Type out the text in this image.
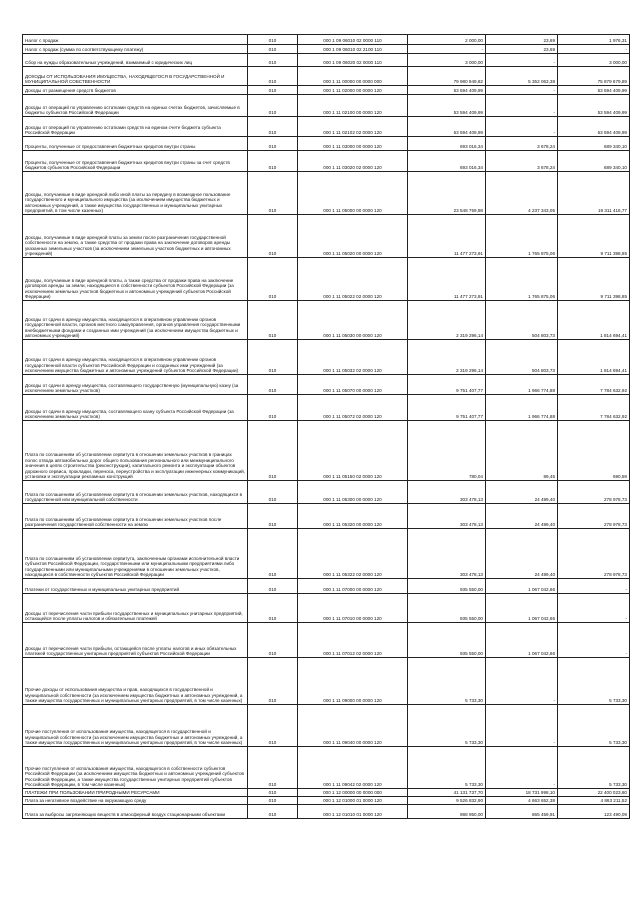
Налог с продаж	010	000 1 09 06010 02 0000 110	2 000,00	23,69	1 976,31
Налог с продаж (сумма по соответствующему платежу)	010	000 1 09 06010 02 2100 110	-	23,69	-
Сбор на нужды образовательных учреждений, взимаемый с юридических лиц	010	000 1 09 06020 02 0000 110	3 000,00	-	3 000,00
ДОХОДЫ ОТ ИСПОЛЬЗОВАНИЯ ИМУЩЕСТВА, НАХОДЯЩЕГОСЯ В ГОСУДАРСТВЕННОЙ И МУНИЦИПАЛЬНОЙ СОБСТВЕННОСТИ	010	000 1 11 00000 00 0000 000	79 980 949,82	5 352 063,38	75 879 679,89
Доходы от размещения средств бюджетов	010	000 1 11 02000 00 0000 120	53 594 409,99	-	53 594 409,99
Доходы от операций по управлению остатками средств на единых счетах бюджетов, зачисляемые в бюджеты субъектов Российской Федерации	010	000 1 11 02100 00 0000 120	53 594 409,99	-	53 594 409,99
Доходы от операций по управлению остатками средств на едином счете бюджета субъекта Российской Федерации	010	000 1 11 02102 02 0000 120	53 594 409,99	-	53 594 409,99
Проценты, полученные от предоставления бюджетных кредитов внутри страны	010	000 1 11 03000 00 0000 120	693 016,34	3 678,24	689 340,10
Проценты, полученные от предоставления бюджетных кредитов внутри страны за счет средств бюджетов субъектов Российской Федерации	010	000 1 11 03020 02 0000 120	693 016,34	3 678,24	689 340,10
Доходы, получаемые в виде арендной либо иной платы за передачу в возмездное пользование государственного и муниципального имущества (за исключением имущества бюджетных и автономных учреждений, а также имущества государственных и муниципальных унитарных предприятий, в том числе казенных)	010	000 1 11 05000 00 0000 120	23 548 759,98	4 237 343,05	19 311 416,77
Доходы, получаемые в виде арендной платы за земли после разграничения государственной собственности на землю, а также средства от продажи права на заключение договоров аренды указанных земельных участков (за исключением земельных участков бюджетных и автономных учреждений)	010	000 1 11 05020 00 0000 120	11 477 273,91	1 765 875,06	9 711 398,85
Доходы, получаемые в виде арендной платы, а также средства от продажи права на заключение договоров аренды за земли, находящиеся в собственности субъектов Российской Федерации (за исключением земельных участков бюджетных и автономных учреждений субъектов Российской Федерации)	010	000 1 11 05022 02 0000 120	11 477 273,91	1 765 875,06	9 711 398,85
Доходы от сдачи в аренду имущества, находящегося в оперативном управлении органов государственной власти, органов местного самоуправления, органов управления государственными внебюджетными фондами и созданных ими учреждений (за исключением имущества бюджетных и автономных учреждений)	010	000 1 11 05030 00 0000 120	2 319 296,14	504 803,73	1 814 694,41
Доходы от сдачи в аренду имущества, находящегося в оперативном управлении органов государственной власти субъектов Российской Федерации и созданных ими учреждений (за исключением имущества бюджетных и автономных учреждений субъектов Российской Федерации)	010	000 1 11 05032 02 0000 120	2 319 296,14	504 803,73	1 814 694,41
Доходы от сдачи в аренду имущества, составляющего государственную (муниципальную) казну (за исключением земельных участков)	010	000 1 11 05070 00 0000 120	9 751 407,77	1 966 774,88	7 784 632,92
Доходы от сдачи в аренду имущества, составляющего казну субъекта Российской Федерации (за исключением земельных участков)	010	000 1 11 05072 02 0000 120	9 751 407,77	1 966 774,88	7 784 632,92
Плата по соглашениям об установлении сервитута в отношении земельных участков в границах полос отвода автомобильных дорог общего пользования регионального или межмуниципального значения в целях строительства (реконструкции), капитального ремонта и эксплуатации объектов дорожного сервиса, прокладки, переноса, переустройства и эксплуатации инженерных коммуникаций, установки и эксплуатации рекламных конструкций	010	000 1 11 05150 02 0000 120	780,04	89,45	690,59
Плата по соглашениям об установлении сервитута в отношении земельных участков, находящихся в государственной или муниципальной собственности	010	000 1 11 05300 00 0000 120	303 478,13	24 499,40	278 978,73
Плата по соглашениям об установлении сервитута в отношении земельных участков после разграничения государственной собственности на землю	010	000 1 11 05320 00 0000 120	303 478,13	24 499,40	278 978,73
Плата по соглашениям об установлении сервитута, заключенным органами исполнительной власти субъектов Российской Федерации, государственными или муниципальными предприятиями либо государственными или муниципальными учреждениями в отношении земельных участков, находящихся в собственности субъектов Российской Федерации	010	000 1 11 05322 02 0000 120	303 478,13	24 499,40	278 978,73
Платежи от государственных и муниципальных унитарных предприятий	010	000 1 11 07000 00 0000 120	935 550,00	1 067 042,66	-
Доходы от перечисления части прибыли государственных и муниципальных унитарных предприятий, остающейся после уплаты налогов и обязательных платежей	010	000 1 11 07010 00 0000 120	935 550,00	1 067 042,66	-
Доходы от перечисления части прибыли, остающейся после уплаты налогов и иных обязательных платежей государственных унитарных предприятий субъектов Российской Федерации	010	000 1 11 07012 02 0000 120	935 550,00	1 067 042,66	-
Прочие доходы от использования имущества и прав, находящихся в государственной и муниципальной собственности (за исключением имущества бюджетных и автономных учреждений, а также имущества государственных и муниципальных унитарных предприятий, в том числе казенных)	010	000 1 11 09000 00 0000 120	5 733,30	-	5 733,30
Прочие поступления от использования имущества, находящегося в государственной и муниципальной собственности (за исключением имущества бюджетных и автономных учреждений, а также имущества государственных и муниципальных унитарных предприятий, в том числе казенных)	010	000 1 11 09040 00 0000 120	5 733,30	-	5 733,30
Прочие поступления от использования имущества, находящегося в собственности субъектов Российской Федерации (за исключением имущества бюджетных и автономных учреждений субъектов Российской Федерации, а также имущества государственных унитарных предприятий субъектов Российской Федерации, в том числе казенных)	010	000 1 11 09042 02 0000 120	5 733,30	-	5 733,30
ПЛАТЕЖИ ПРИ ПОЛЬЗОВАНИИ ПРИРОДНЫМИ РЕСУРСАМИ	010	000 1 12 00000 00 0000 000	41 131 737,70	18 731 998,10	22 400 023,60
Плата за негативное воздействие на окружающую среду	010	000 1 12 01000 01 0000 120	9 526 832,90	4 663 652,38	4 863 211,52
Плата за выбросы загрязняющих веществ в атмосферный воздух стационарными объектами	010	000 1 12 01010 01 0000 120	988 950,00	865 459,91	123 490,09
